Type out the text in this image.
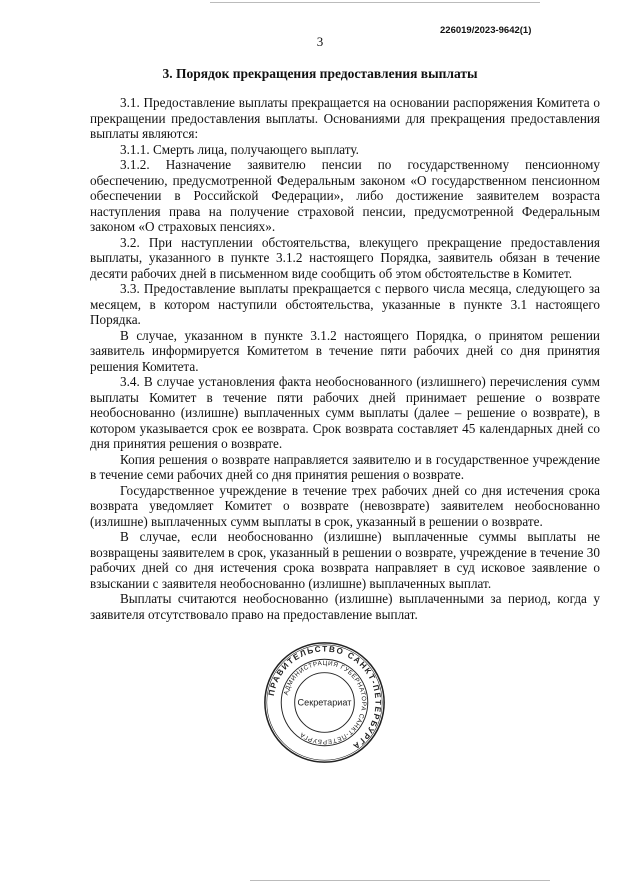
226019/2023-9642(1)
3
3. Порядок прекращения предоставления выплаты

3.1. Предоставление выплаты прекращается на основании распоряжения Комитета о прекращении предоставления выплаты. Основаниями для прекращения предоставления выплаты являются:

3.1.1. Смерть лица, получающего выплату.

3.1.2. Назначение заявителю пенсии по государственному пенсионному обеспечению, предусмотренной Федеральным законом «О государственном пенсионном обеспечении в Российской Федерации», либо достижение заявителем возраста наступления права на получение страховой пенсии, предусмотренной Федеральным законом «О страховых пенсиях».

3.2. При наступлении обстоятельства, влекущего прекращение предоставления выплаты, указанного в пункте 3.1.2 настоящего Порядка, заявитель обязан в течение десяти рабочих дней в письменном виде сообщить об этом обстоятельстве в Комитет.

3.3. Предоставление выплаты прекращается с первого числа месяца, следующего за месяцем, в котором наступили обстоятельства, указанные в пункте 3.1 настоящего Порядка.

В случае, указанном в пункте 3.1.2 настоящего Порядка, о принятом решении заявитель информируется Комитетом в течение пяти рабочих дней со дня принятия решения Комитета.

3.4. В случае установления факта необоснованного (излишнего) перечисления сумм выплаты Комитет в течение пяти рабочих дней принимает решение о возврате необоснованно (излишне) выплаченных сумм выплаты (далее – решение о возврате), в котором указывается срок ее возврата. Срок возврата составляет 45 календарных дней со дня принятия решения о возврате.

Копия решения о возврате направляется заявителю и в государственное учреждение в течение семи рабочих дней со дня принятия решения о возврате.

Государственное учреждение в течение трех рабочих дней со дня истечения срока возврата уведомляет Комитет о возврате (невозврате) заявителем необоснованно (излишне) выплаченных сумм выплаты в срок, указанный в решении о возврате.

В случае, если необоснованно (излишне) выплаченные суммы выплаты не возвращены заявителем в срок, указанный в решении о возврате, учреждение в течение 30 рабочих дней со дня истечения срока возврата направляет в суд исковое заявление о взыскании с заявителя необоснованно (излишне) выплаченных выплат.

Выплаты считаются необоснованно (излишне) выплаченными за период, когда у заявителя отсутствовало право на предоставление выплат.

ПРАВИТЕЛЬСТВО САНКТ-ПЕТЕРБУРГА
АДМИНИСТРАЦИЯ ГУБЕРНАТОРА САНКТ-ПЕТЕРБУРГА
Секретариат
